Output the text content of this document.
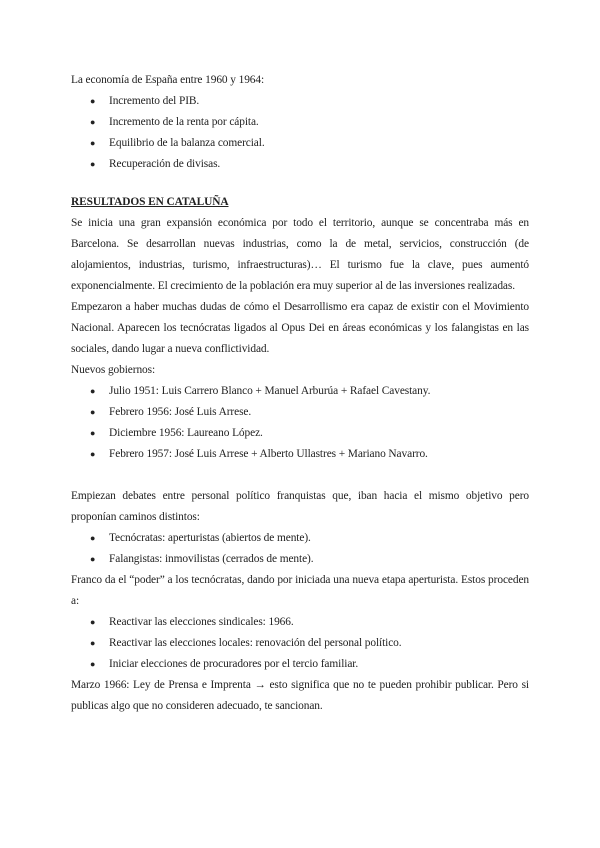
La economía de España entre 1960 y 1964:

● Incremento del PIB.
● Incremento de la renta por cápita.
● Equilibrio de la balanza comercial.
● Recuperación de divisas.

RESULTADOS EN CATALUÑA

Se inicia una gran expansión económica por todo el territorio, aunque se concentraba más en Barcelona. Se desarrollan nuevas industrias, como la de metal, servicios, construcción (de alojamientos, industrias, turismo, infraestructuras)… El turismo fue la clave, pues aumentó exponencialmente. El crecimiento de la población era muy superior al de las inversiones realizadas.

Empezaron a haber muchas dudas de cómo el Desarrollismo era capaz de existir con el Movimiento Nacional. Aparecen los tecnócratas ligados al Opus Dei en áreas económicas y los falangistas en las sociales, dando lugar a nueva conflictividad.

Nuevos gobiernos:

● Julio 1951: Luis Carrero Blanco + Manuel Arburúa + Rafael Cavestany.
● Febrero 1956: José Luis Arrese.
● Diciembre 1956: Laureano López.
● Febrero 1957: José Luis Arrese + Alberto Ullastres + Mariano Navarro.

Empiezan debates entre personal político franquistas que, iban hacia el mismo objetivo pero proponían caminos distintos:

● Tecnócratas: aperturistas (abiertos de mente).
● Falangistas: inmovilistas (cerrados de mente).

Franco da el “poder” a los tecnócratas, dando por iniciada una nueva etapa aperturista. Estos proceden a:

● Reactivar las elecciones sindicales: 1966.
● Reactivar las elecciones locales: renovación del personal político.
● Iniciar elecciones de procuradores por el tercio familiar.

Marzo 1966: Ley de Prensa e Imprenta → esto significa que no te pueden prohibir publicar. Pero si publicas algo que no consideren adecuado, te sancionan.
